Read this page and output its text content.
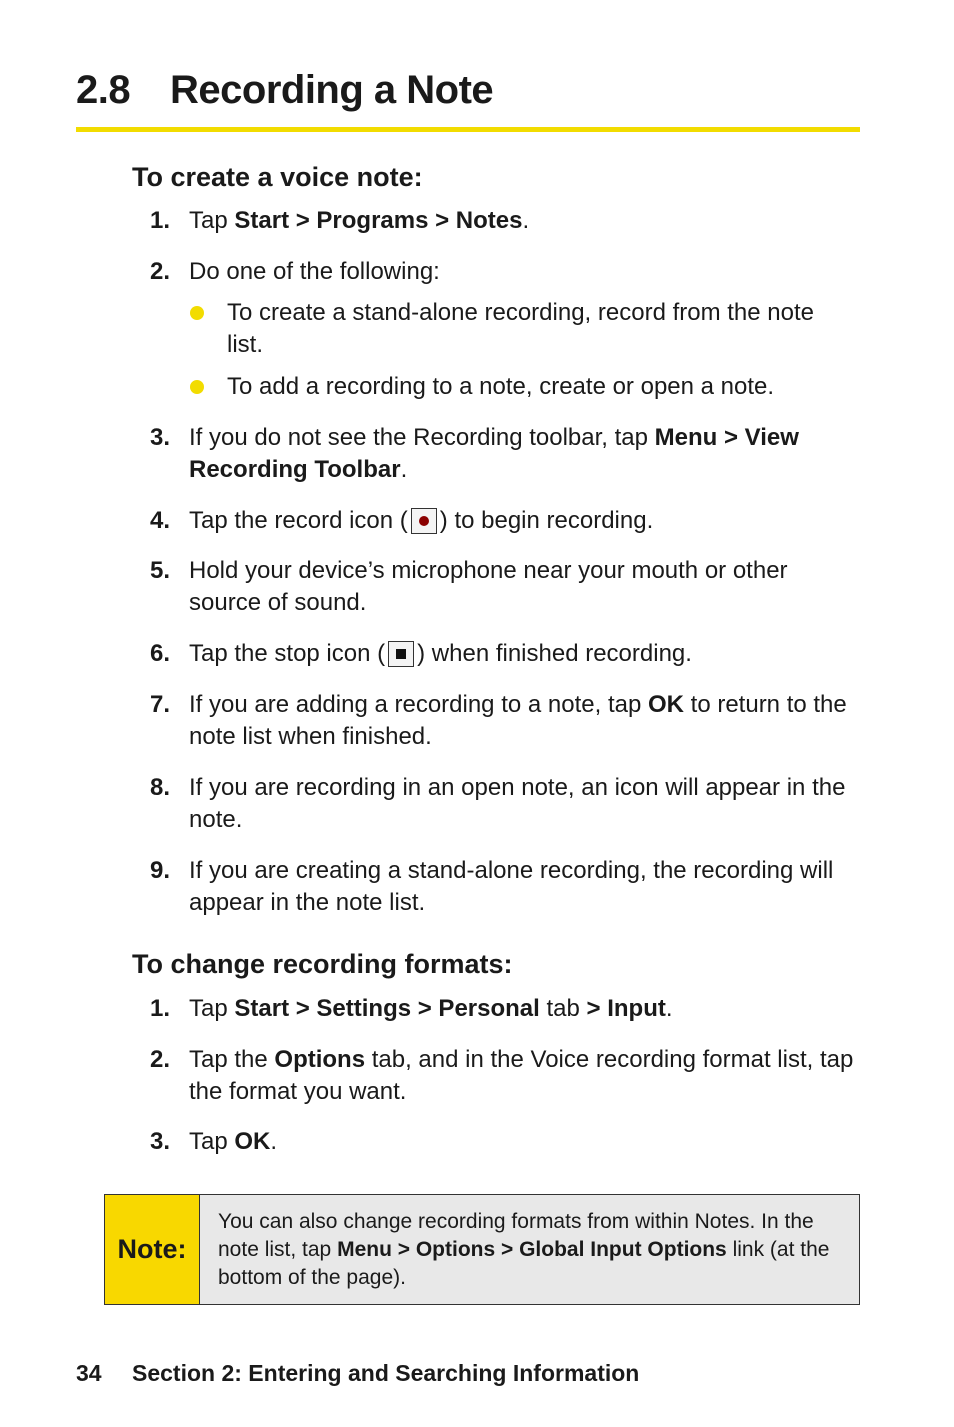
2.8 Recording a Note
To create a voice note:
1. Tap Start > Programs > Notes.
2. Do one of the following:
To create a stand-alone recording, record from the note list.
To add a recording to a note, create or open a note.
3. If you do not see the Recording toolbar, tap Menu > View Recording Toolbar.
4. Tap the record icon ( ) to begin recording.
5. Hold your device’s microphone near your mouth or other source of sound.
6. Tap the stop icon ( ) when finished recording.
7. If you are adding a recording to a note, tap OK to return to the note list when finished.
8. If you are recording in an open note, an icon will appear in the note.
9. If you are creating a stand-alone recording, the recording will appear in the note list.
To change recording formats:
1. Tap Start > Settings > Personal tab > Input.
2. Tap the Options tab, and in the Voice recording format list, tap the format you want.
3. Tap OK.
Note:
You can also change recording formats from within Notes. In the note list, tap Menu > Options > Global Input Options link (at the bottom of the page).
34 Section 2: Entering and Searching Information
